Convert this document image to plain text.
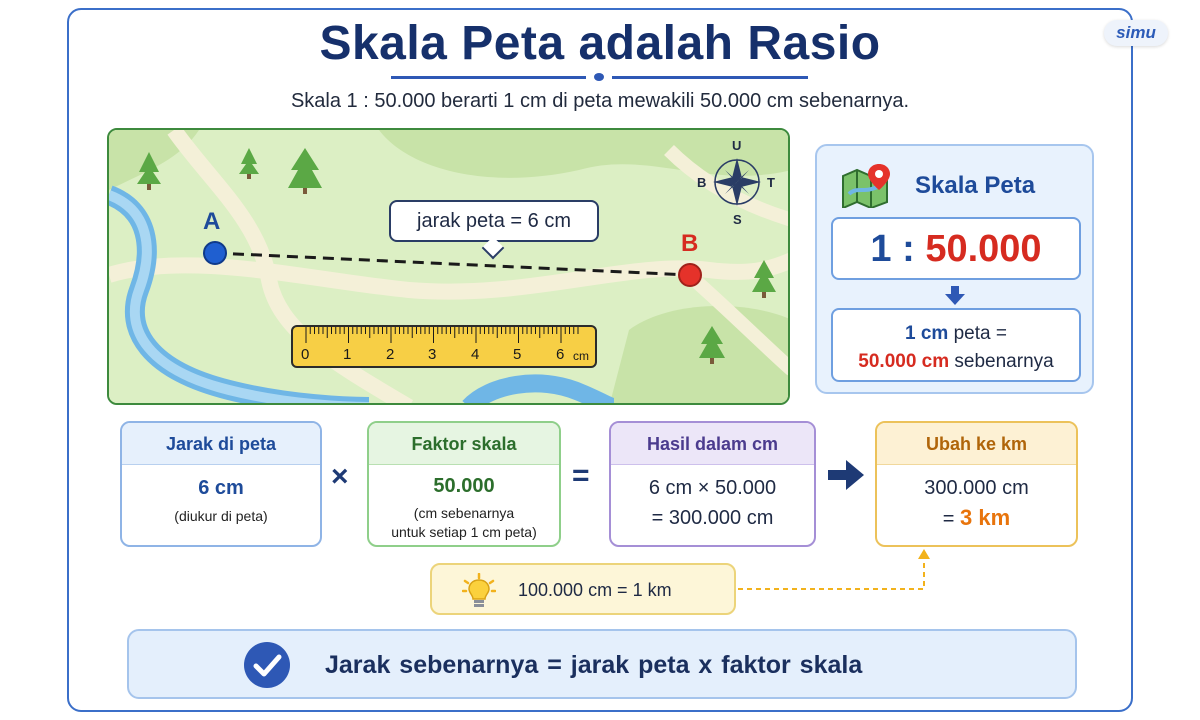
Skala Peta adalah Rasio
Skala 1 : 50.000 berarti 1 cm di peta mewakili 50.000 cm sebenarnya.
simu
A
B
jarak peta = 6 cm
U
S
T
B
0 1 2 3 4 5 6 cm
Skala Peta
1 : 50.000
1 cm peta =
50.000 cm sebenarnya
Jarak di peta
6 cm
(diukur di peta)
×
Faktor skala
50.000
(cm sebenarnya
untuk setiap 1 cm peta)
=
Hasil dalam cm
6 cm × 50.000
= 300.000 cm
Ubah ke km
300.000 cm
= 3 km
100.000 cm = 1 km
Jarak sebenarnya = jarak peta x faktor skala
